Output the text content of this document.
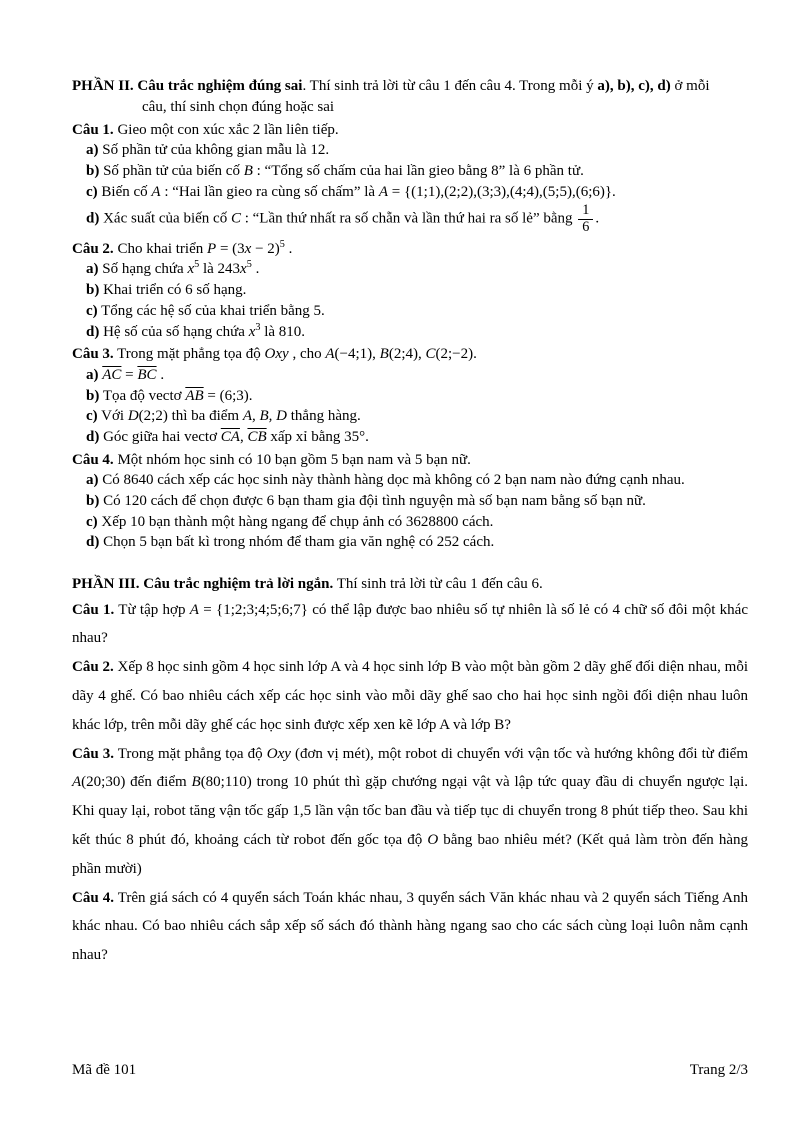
PHẦN II. Câu trắc nghiệm đúng sai. Thí sinh trả lời từ câu 1 đến câu 4. Trong mỗi ý a), b), c), d) ở mỗi
câu, thí sinh chọn đúng hoặc sai
Câu 1. Gieo một con xúc xắc 2 lần liên tiếp.
a) Số phần tử của không gian mẫu là 12.
b) Số phần tử của biến cố B : “Tổng số chấm của hai lần gieo bằng 8” là 6 phần tử.
c) Biến cố A : “Hai lần gieo ra cùng số chấm” là A = {(1;1),(2;2),(3;3),(4;4),(5;5),(6;6)}.
d) Xác suất của biến cố C : “Lần thứ nhất ra số chẵn và lần thứ hai ra số lẻ” bằng $\frac{1}{6}$ .
Câu 2. Cho khai triển $P = (3x - 2)^5$ .
a) Số hạng chứa $x^5$ là $243x^5$ .
b) Khai triển có 6 số hạng.
c) Tổng các hệ số của khai triển bằng 5.
d) Hệ số của số hạng chứa $x^3$ là 810.
Câu 3. Trong mặt phẳng tọa độ Oxy , cho A(−4;1), B(2;4), C(2;−2).
a) $\overline{AC} = \overline{BC}$ .
b) Tọa độ vectơ $\overline{AB}$ = (6;3).
c) Với D(2;2) thì ba điểm A, B, D thẳng hàng.
d) Góc giữa hai vectơ $\overline{CA}$, $\overline{CB}$ xấp xỉ bằng 35°.
Câu 4. Một nhóm học sinh có 10 bạn gồm 5 bạn nam và 5 bạn nữ.
a) Có 8640 cách xếp các học sinh này thành hàng dọc mà không có 2 bạn nam nào đứng cạnh nhau.
b) Có 120 cách để chọn được 6 bạn tham gia đội tình nguyện mà số bạn nam bằng số bạn nữ.
c) Xếp 10 bạn thành một hàng ngang để chụp ảnh có 3628800 cách.
d) Chọn 5 bạn bất kì trong nhóm để tham gia văn nghệ có 252 cách.
PHẦN III. Câu trắc nghiệm trả lời ngắn. Thí sinh trả lời từ câu 1 đến câu 6.
Câu 1. Từ tập hợp A = {1;2;3;4;5;6;7} có thể lập được bao nhiêu số tự nhiên là số lẻ có 4 chữ số đôi một khác nhau?
Câu 2. Xếp 8 học sinh gồm 4 học sinh lớp A và 4 học sinh lớp B vào một bàn gồm 2 dãy ghế đối diện nhau, mỗi dãy 4 ghế. Có bao nhiêu cách xếp các học sinh vào mỗi dãy ghế sao cho hai học sinh ngồi đối diện nhau luôn khác lớp, trên mỗi dãy ghế các học sinh được xếp xen kẽ lớp A và lớp B?
Câu 3. Trong mặt phẳng tọa độ Oxy (đơn vị mét), một robot di chuyển với vận tốc và hướng không đổi từ điểm A(20;30) đến điểm B(80;110) trong 10 phút thì gặp chướng ngại vật và lập tức quay đầu di chuyển ngược lại. Khi quay lại, robot tăng vận tốc gấp 1,5 lần vận tốc ban đầu và tiếp tục di chuyển trong 8 phút tiếp theo. Sau khi kết thúc 8 phút đó, khoảng cách từ robot đến gốc tọa độ O bằng bao nhiêu mét? (Kết quả làm tròn đến hàng phần mười)
Câu 4. Trên giá sách có 4 quyển sách Toán khác nhau, 3 quyển sách Văn khác nhau và 2 quyển sách Tiếng Anh khác nhau. Có bao nhiêu cách sắp xếp số sách đó thành hàng ngang sao cho các sách cùng loại luôn nằm cạnh nhau?
Mã đề 101	Trang 2/3
